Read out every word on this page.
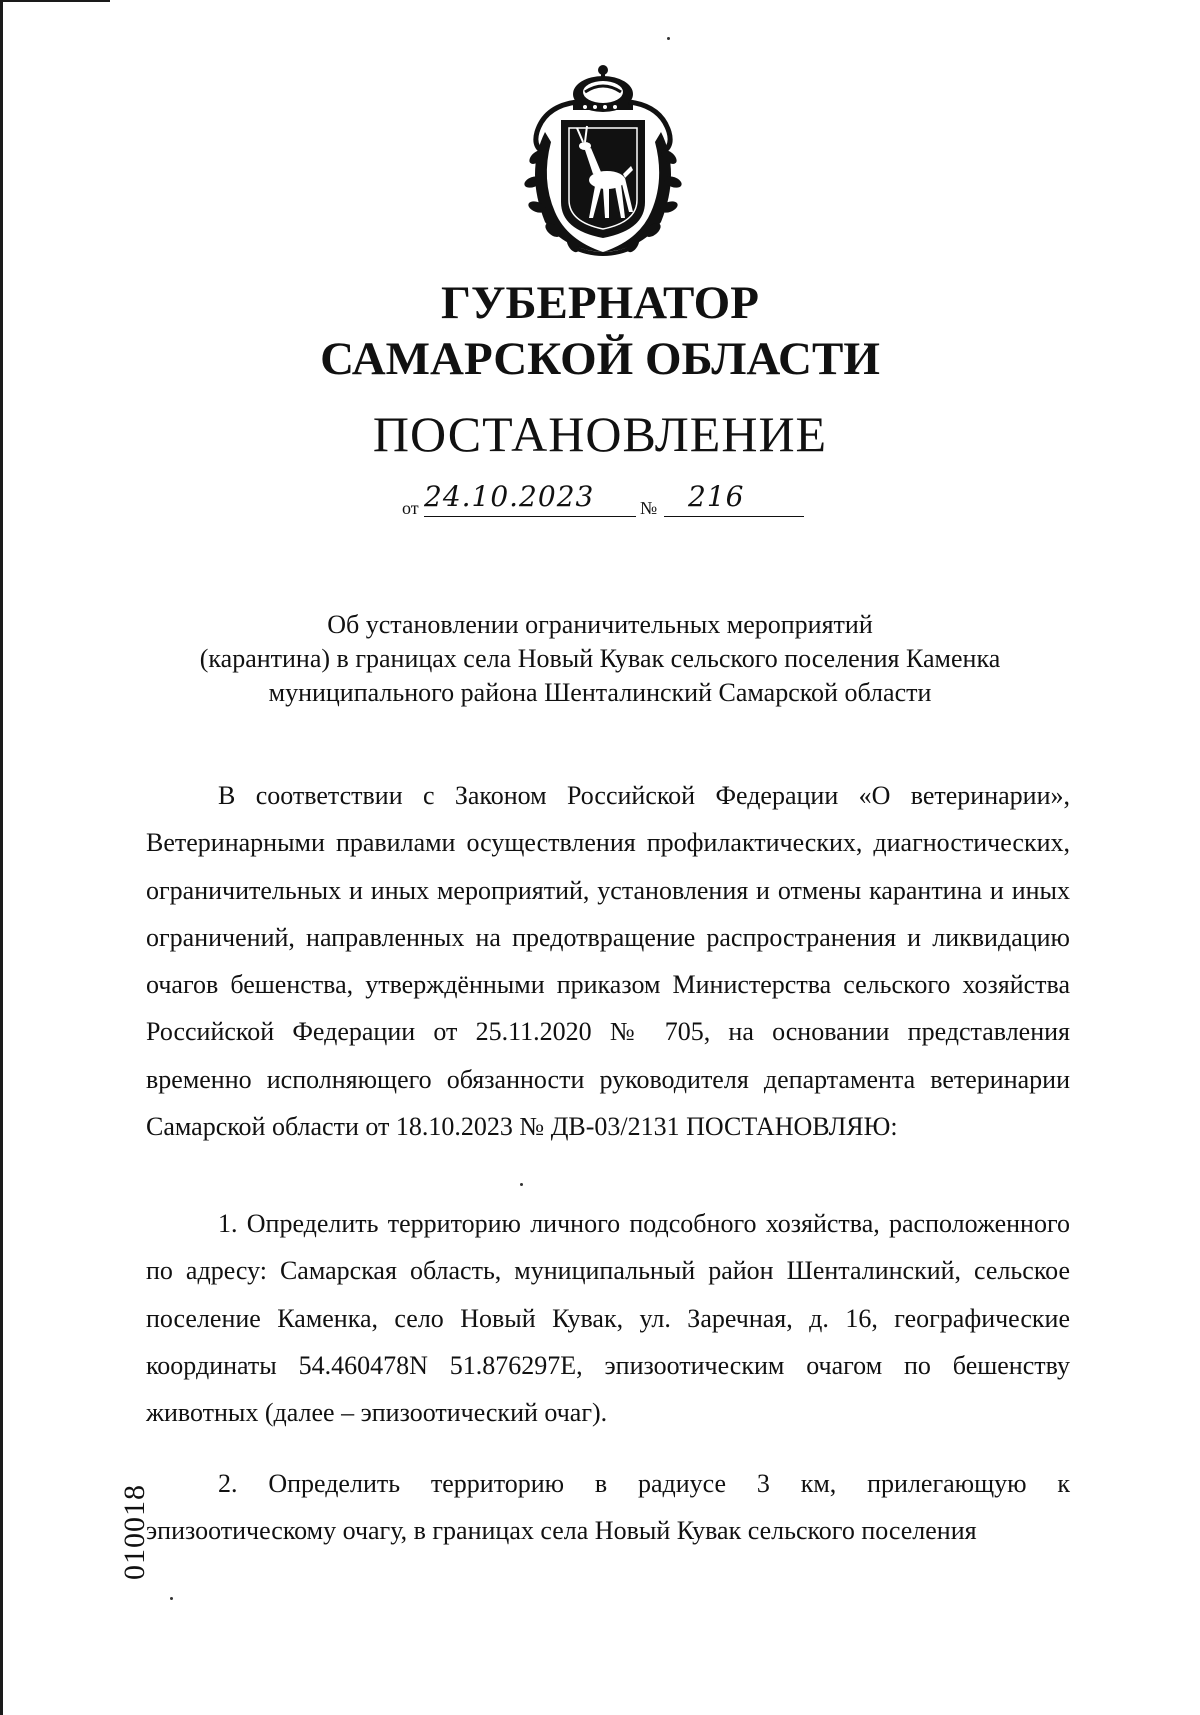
ГУБЕРНАТОР
САМАРСКОЙ ОБЛАСТИ
ПОСТАНОВЛЕНИЕ
от 24.10.2023	№ 216
Об установлении ограничительных мероприятий
(карантина) в границах села Новый Кувак сельского поселения Каменка
муниципального района Шенталинский Самарской области

В соответствии с Законом Российской Федерации «О ветеринарии», Ветеринарными правилами осуществления профилактических, диагностических, ограничительных и иных мероприятий, установления и отмены карантина и иных ограничений, направленных на предотвращение распространения и ликвидацию очагов бешенства, утверждёнными приказом Министерства сельского хозяйства Российской Федерации от 25.11.2020 № 705, на основании представления временно исполняющего обязанности руководителя департамента ветеринарии Самарской области от 18.10.2023 № ДВ-03/2131 ПОСТАНОВЛЯЮ:

1. Определить территорию личного подсобного хозяйства, расположенного по адресу: Самарская область, муниципальный район Шенталинский, сельское поселение Каменка, село Новый Кувак, ул. Заречная, д. 16, географические координаты 54.460478N 51.876297E, эпизоотическим очагом по бешенству животных (далее – эпизоотический очаг).

2. Определить территорию в радиусе 3 км, прилегающую к эпизоотическому очагу, в границах села Новый Кувак сельского поселения

010018
